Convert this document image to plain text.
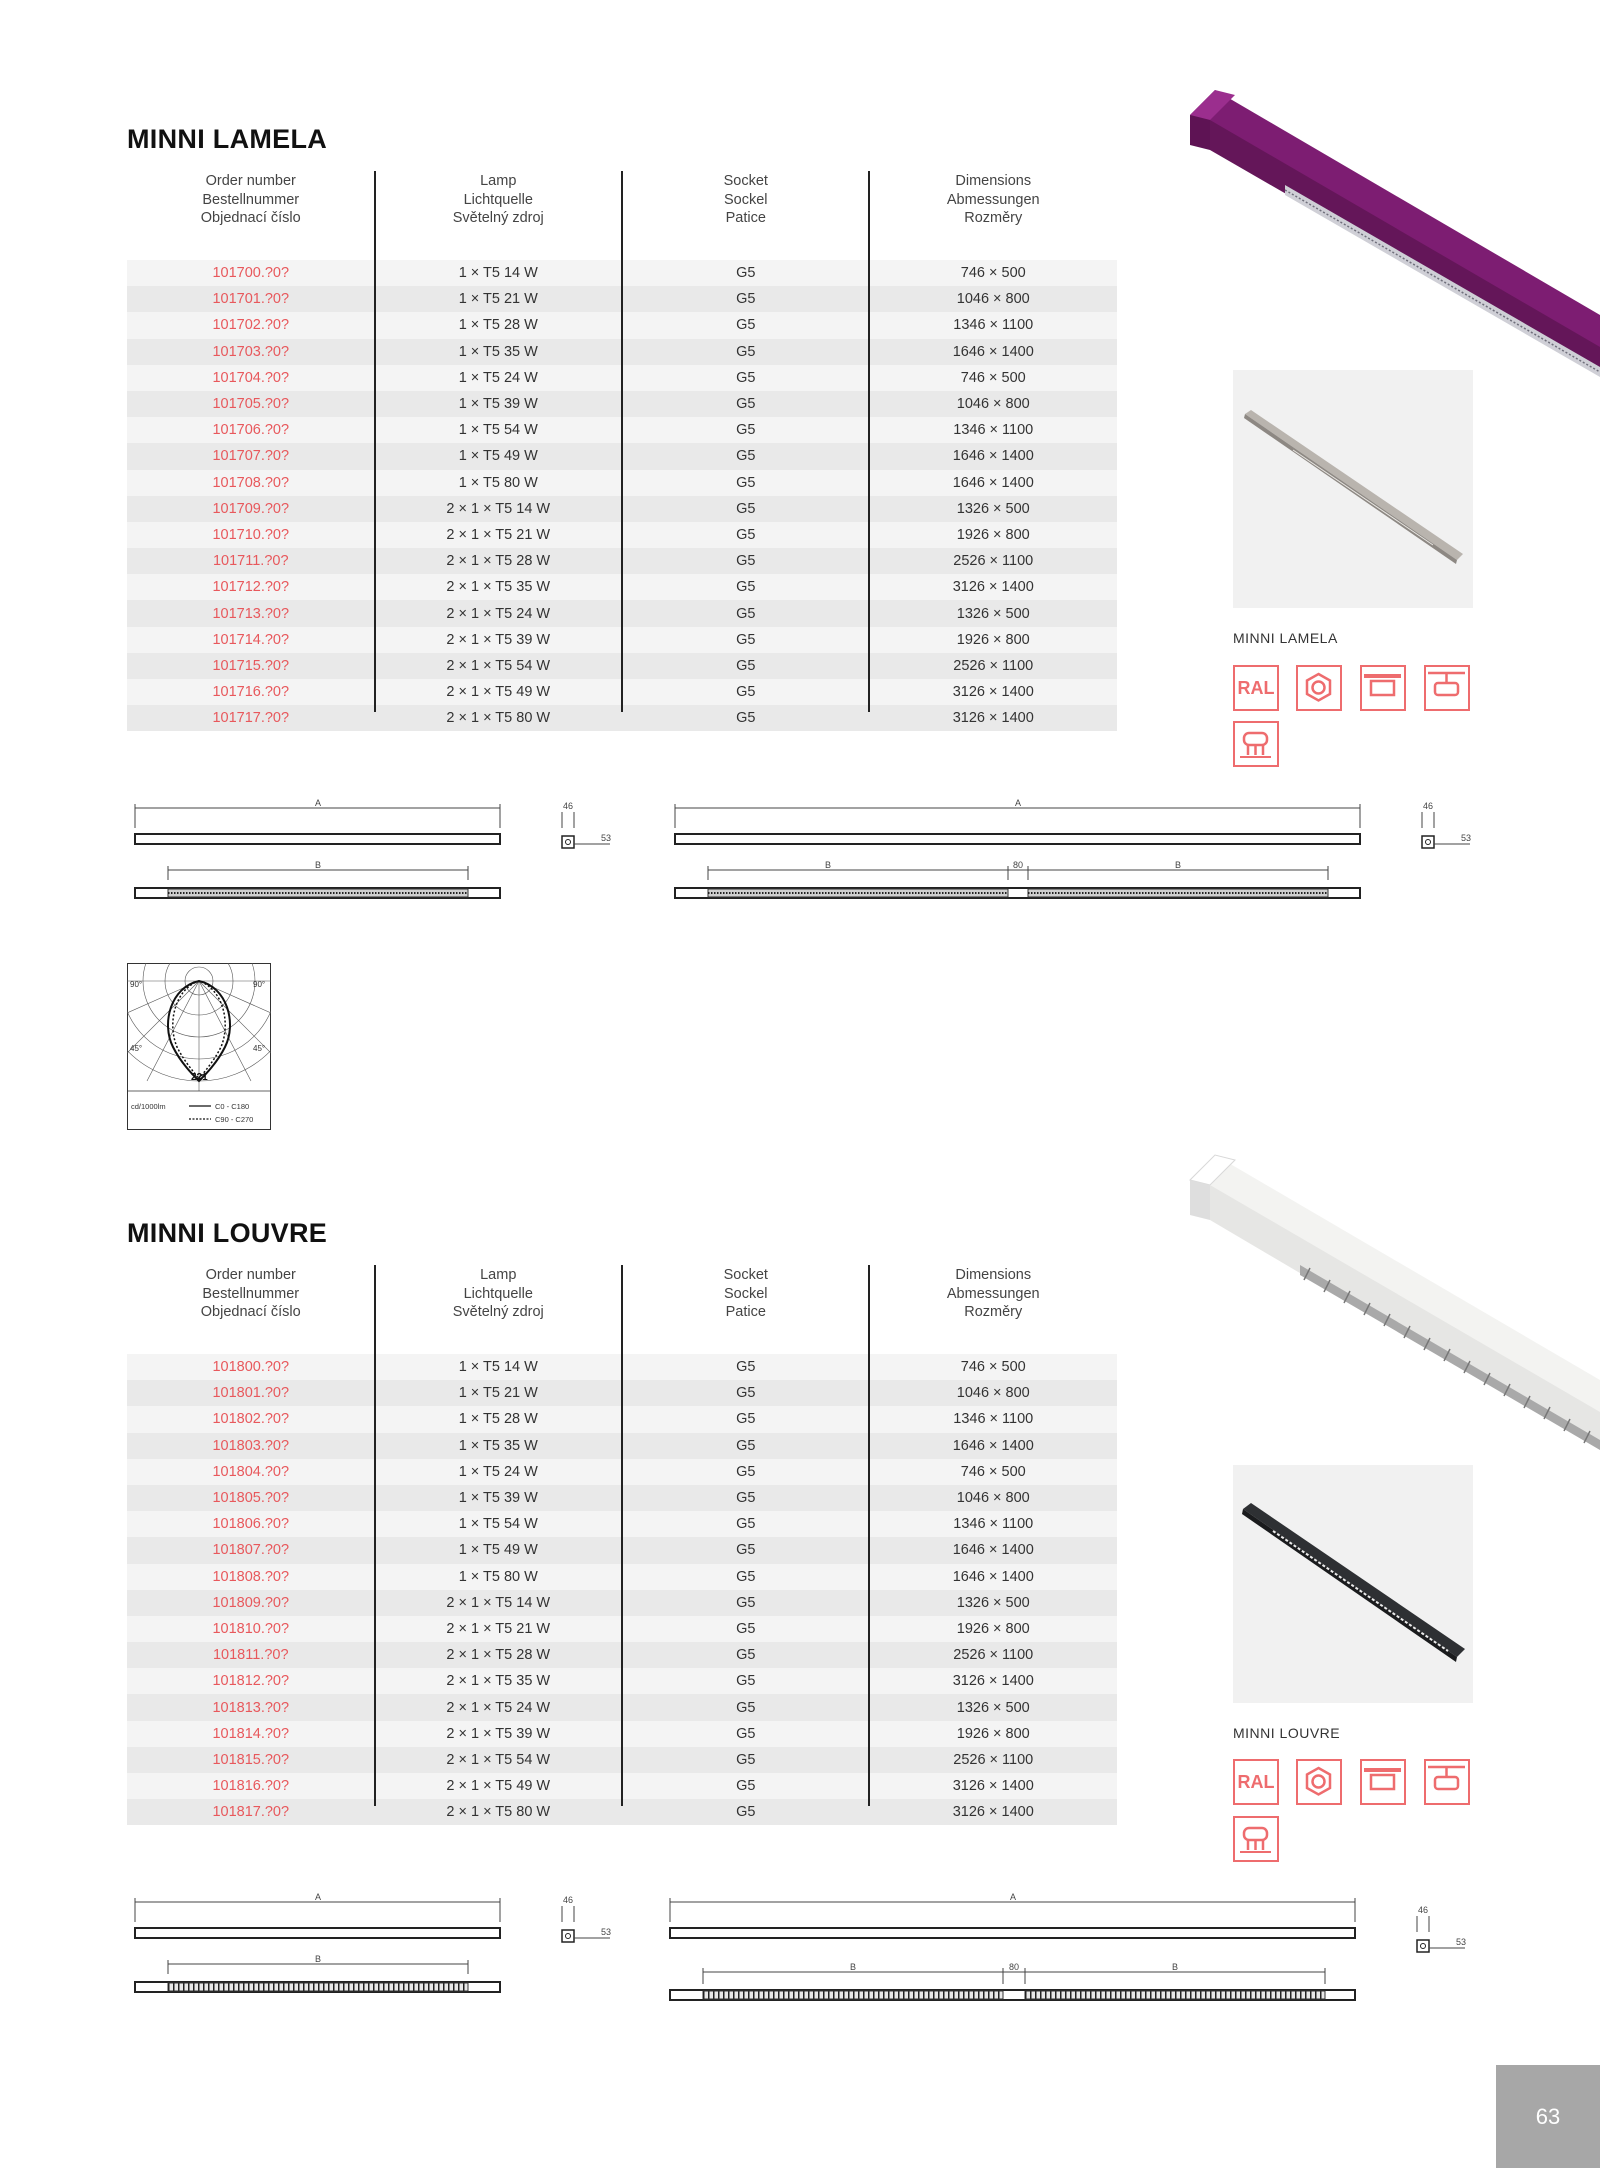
MINNI LAMELA
Order number
Bestellnummer
Objednací číslo
Lamp
Lichtquelle
Světelný zdroj
Socket
Sockel
Patice
Dimensions
Abmessungen
Rozměry
101700.?0?	1 × T5 14 W	G5	746 × 500
101701.?0?	1 × T5 21 W	G5	1046 × 800
101702.?0?	1 × T5 28 W	G5	1346 × 1100
101703.?0?	1 × T5 35 W	G5	1646 × 1400
101704.?0?	1 × T5 24 W	G5	746 × 500
101705.?0?	1 × T5 39 W	G5	1046 × 800
101706.?0?	1 × T5 54 W	G5	1346 × 1100
101707.?0?	1 × T5 49 W	G5	1646 × 1400
101708.?0?	1 × T5 80 W	G5	1646 × 1400
101709.?0?	2 × 1 × T5 14 W	G5	1326 × 500
101710.?0?	2 × 1 × T5 21 W	G5	1926 × 800
101711.?0?	2 × 1 × T5 28 W	G5	2526 × 1100
101712.?0?	2 × 1 × T5 35 W	G5	3126 × 1400
101713.?0?	2 × 1 × T5 24 W	G5	1326 × 500
101714.?0?	2 × 1 × T5 39 W	G5	1926 × 800
101715.?0?	2 × 1 × T5 54 W	G5	2526 × 1100
101716.?0?	2 × 1 × T5 49 W	G5	3126 × 1400
101717.?0?	2 × 1 × T5 80 W	G5	3126 × 1400
MINNI LAMELA
RAL
A
B
46
53
A
B	80	B
46
53
90°	90°
45°	45°
221
cd/1000lm	C0 - C180
C90 - C270
MINNI LOUVRE
Order number
Bestellnummer
Objednací číslo
Lamp
Lichtquelle
Světelný zdroj
Socket
Sockel
Patice
Dimensions
Abmessungen
Rozměry
101800.?0?	1 × T5 14 W	G5	746 × 500
101801.?0?	1 × T5 21 W	G5	1046 × 800
101802.?0?	1 × T5 28 W	G5	1346 × 1100
101803.?0?	1 × T5 35 W	G5	1646 × 1400
101804.?0?	1 × T5 24 W	G5	746 × 500
101805.?0?	1 × T5 39 W	G5	1046 × 800
101806.?0?	1 × T5 54 W	G5	1346 × 1100
101807.?0?	1 × T5 49 W	G5	1646 × 1400
101808.?0?	1 × T5 80 W	G5	1646 × 1400
101809.?0?	2 × 1 × T5 14 W	G5	1326 × 500
101810.?0?	2 × 1 × T5 21 W	G5	1926 × 800
101811.?0?	2 × 1 × T5 28 W	G5	2526 × 1100
101812.?0?	2 × 1 × T5 35 W	G5	3126 × 1400
101813.?0?	2 × 1 × T5 24 W	G5	1326 × 500
101814.?0?	2 × 1 × T5 39 W	G5	1926 × 800
101815.?0?	2 × 1 × T5 54 W	G5	2526 × 1100
101816.?0?	2 × 1 × T5 49 W	G5	3126 × 1400
101817.?0?	2 × 1 × T5 80 W	G5	3126 × 1400
MINNI LOUVRE
RAL
A
B
46
53
A
B	80	B
46
53
63
